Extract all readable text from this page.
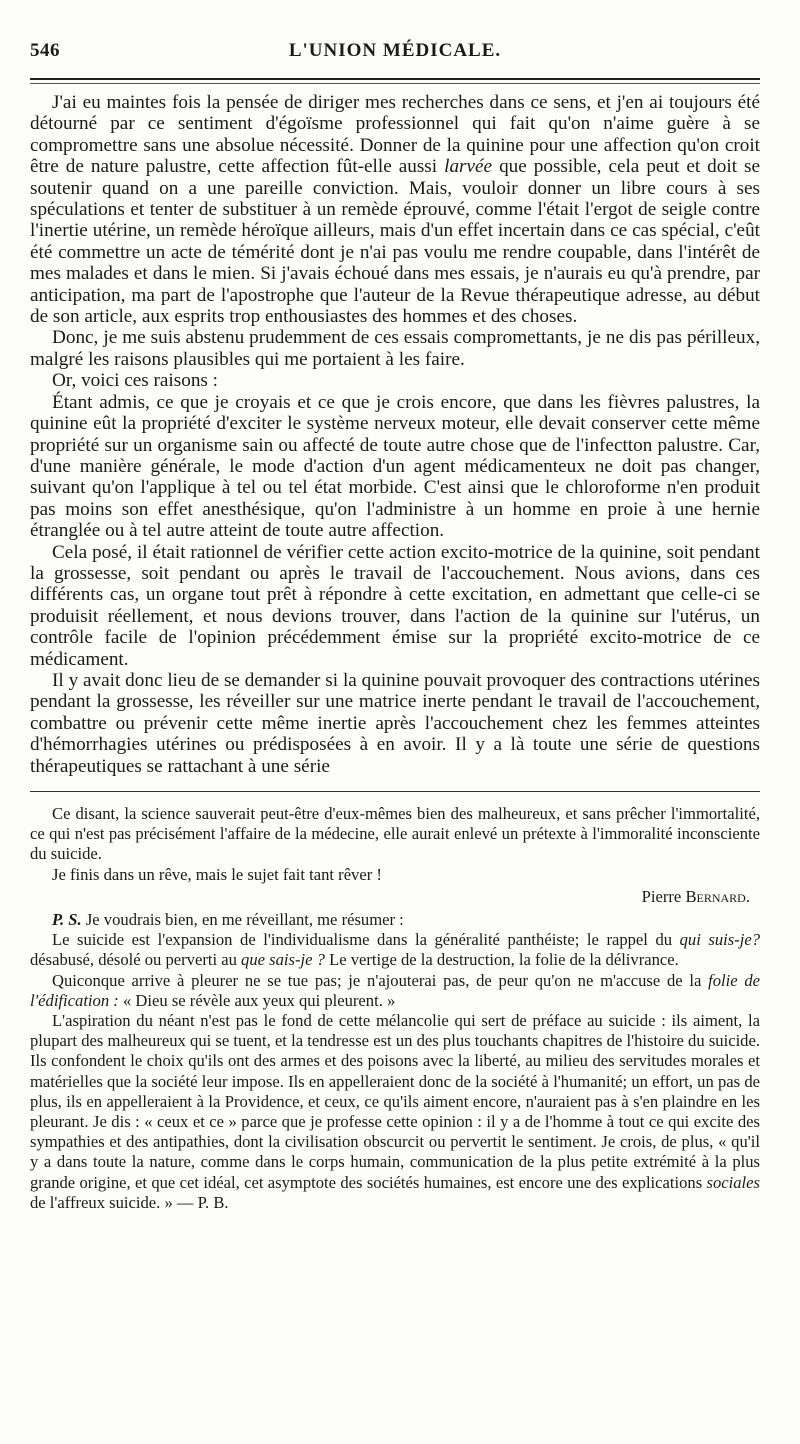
546	L'UNION MÉDICALE.

J'ai eu maintes fois la pensée de diriger mes recherches dans ce sens, et j'en ai toujours été détourné par ce sentiment d'égoïsme professionnel qui fait qu'on n'aime guère à se compromettre sans une absolue nécessité. Donner de la quinine pour une affection qu'on croit être de nature palustre, cette affection fût-elle aussi larvée que possible, cela peut et doit se soutenir quand on a une pareille conviction. Mais, vouloir donner un libre cours à ses spéculations et tenter de substituer à un remède éprouvé, comme l'était l'ergot de seigle contre l'inertie utérine, un remède héroïque ailleurs, mais d'un effet incertain dans ce cas spécial, c'eût été commettre un acte de témérité dont je n'ai pas voulu me rendre coupable, dans l'intérêt de mes malades et dans le mien. Si j'avais échoué dans mes essais, je n'aurais eu qu'à prendre, par anticipation, ma part de l'apostrophe que l'auteur de la Revue thérapeutique adresse, au début de son article, aux esprits trop enthousiastes des hommes et des choses.

Donc, je me suis abstenu prudemment de ces essais compromettants, je ne dis pas périlleux, malgré les raisons plausibles qui me portaient à les faire.

Or, voici ces raisons :

Étant admis, ce que je croyais et ce que je crois encore, que dans les fièvres palustres, la quinine eût la propriété d'exciter le système nerveux moteur, elle devait conserver cette même propriété sur un organisme sain ou affecté de toute autre chose que de l'infectton palustre. Car, d'une manière générale, le mode d'action d'un agent médicamenteux ne doit pas changer, suivant qu'on l'applique à tel ou tel état morbide. C'est ainsi que le chloroforme n'en produit pas moins son effet anesthésique, qu'on l'administre à un homme en proie à une hernie étranglée ou à tel autre atteint de toute autre affection.

Cela posé, il était rationnel de vérifier cette action excito-motrice de la quinine, soit pendant la grossesse, soit pendant ou après le travail de l'accouchement. Nous avions, dans ces différents cas, un organe tout prêt à répondre à cette excitation, en admettant que celle-ci se produisit réellement, et nous devions trouver, dans l'action de la quinine sur l'utérus, un contrôle facile de l'opinion précédemment émise sur la propriété excito-motrice de ce médicament.

Il y avait donc lieu de se demander si la quinine pouvait provoquer des contractions utérines pendant la grossesse, les réveiller sur une matrice inerte pendant le travail de l'accouchement, combattre ou prévenir cette même inertie après l'accouchement chez les femmes atteintes d'hémorrhagies utérines ou prédisposées à en avoir. Il y a là toute une série de questions thérapeutiques se rattachant à une série

Ce disant, la science sauverait peut-être d'eux-mêmes bien des malheureux, et sans prêcher l'immortalité, ce qui n'est pas précisément l'affaire de la médecine, elle aurait enlevé un prétexte à l'immoralité inconsciente du suicide.

Je finis dans un rêve, mais le sujet fait tant rêver !

Pierre Bernard.

P. S. Je voudrais bien, en me réveillant, me résumer :

Le suicide est l'expansion de l'individualisme dans la généralité panthéiste; le rappel du qui suis-je? désabusé, désolé ou perverti au que sais-je ? Le vertige de la destruction, la folie de la délivrance.

Quiconque arrive à pleurer ne se tue pas; je n'ajouterai pas, de peur qu'on ne m'accuse de la folie de l'édification : « Dieu se révèle aux yeux qui pleurent. »

L'aspiration du néant n'est pas le fond de cette mélancolie qui sert de préface au suicide : ils aiment, la plupart des malheureux qui se tuent, et la tendresse est un des plus touchants chapitres de l'histoire du suicide. Ils confondent le choix qu'ils ont des armes et des poisons avec la liberté, au milieu des servitudes morales et matérielles que la société leur impose. Ils en appelleraient donc de la société à l'humanité; un effort, un pas de plus, ils en appelleraient à la Providence, et ceux, ce qu'ils aiment encore, n'auraient pas à s'en plaindre en les pleurant. Je dis : « ceux et ce » parce que je professe cette opinion : il y a de l'homme à tout ce qui excite des sympathies et des antipathies, dont la civilisation obscurcit ou pervertit le sentiment. Je crois, de plus, « qu'il y a dans toute la nature, comme dans le corps humain, communication de la plus petite extrémité à la plus grande origine, et que cet idéal, cet asymptote des sociétés humaines, est encore une des explications sociales de l'affreux suicide. » — P. B.
